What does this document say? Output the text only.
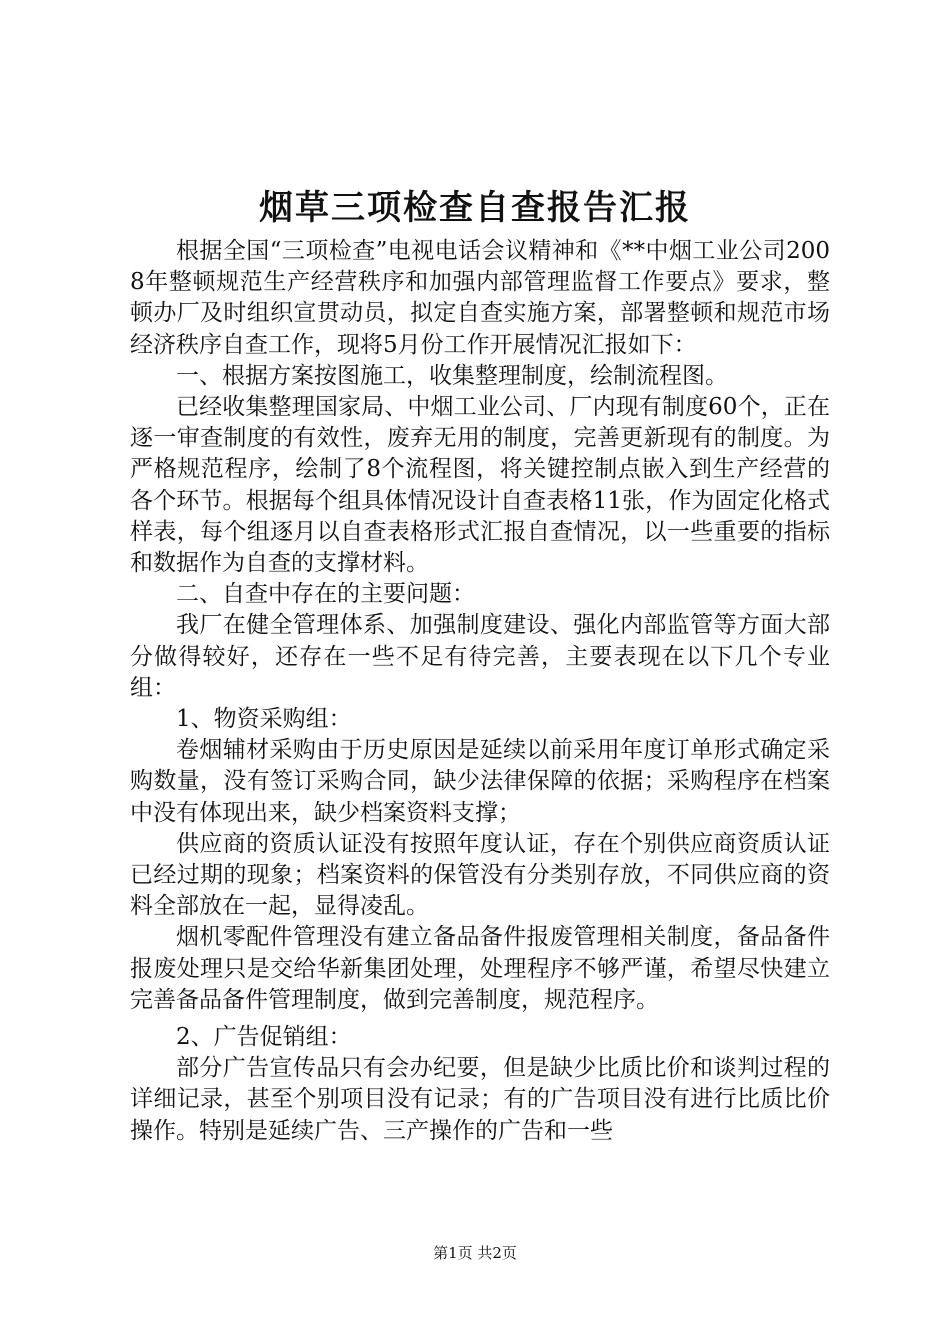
烟草三项检查自查报告汇报

根据全国“三项检查”电视电话会议精神和《**中烟工业公司2008年整顿规范生产经营秩序和加强内部管理监督工作要点》要求，整顿办厂及时组织宣贯动员，拟定自查实施方案，部署整顿和规范市场经济秩序自查工作，现将5月份工作开展情况汇报如下：

一、根据方案按图施工，收集整理制度，绘制流程图。

已经收集整理国家局、中烟工业公司、厂内现有制度60个，正在逐一审查制度的有效性，废弃无用的制度，完善更新现有的制度。为严格规范程序，绘制了8个流程图，将关键控制点嵌入到生产经营的各个环节。根据每个组具体情况设计自查表格11张，作为固定化格式样表，每个组逐月以自查表格形式汇报自查情况，以一些重要的指标和数据作为自查的支撑材料。

二、自查中存在的主要问题：

我厂在健全管理体系、加强制度建设、强化内部监管等方面大部分做得较好，还存在一些不足有待完善，主要表现在以下几个专业组：

1、物资采购组：

卷烟辅材采购由于历史原因是延续以前采用年度订单形式确定采购数量，没有签订采购合同，缺少法律保障的依据；采购程序在档案中没有体现出来，缺少档案资料支撑；

供应商的资质认证没有按照年度认证，存在个别供应商资质认证已经过期的现象；档案资料的保管没有分类别存放，不同供应商的资料全部放在一起，显得凌乱。

烟机零配件管理没有建立备品备件报废管理相关制度，备品备件报废处理只是交给华新集团处理，处理程序不够严谨，希望尽快建立完善备品备件管理制度，做到完善制度，规范程序。

2、广告促销组：

部分广告宣传品只有会办纪要，但是缺少比质比价和谈判过程的详细记录，甚至个别项目没有记录；有的广告项目没有进行比质比价操作。特别是延续广告、三产操作的广告和一些

第1页 共2页
